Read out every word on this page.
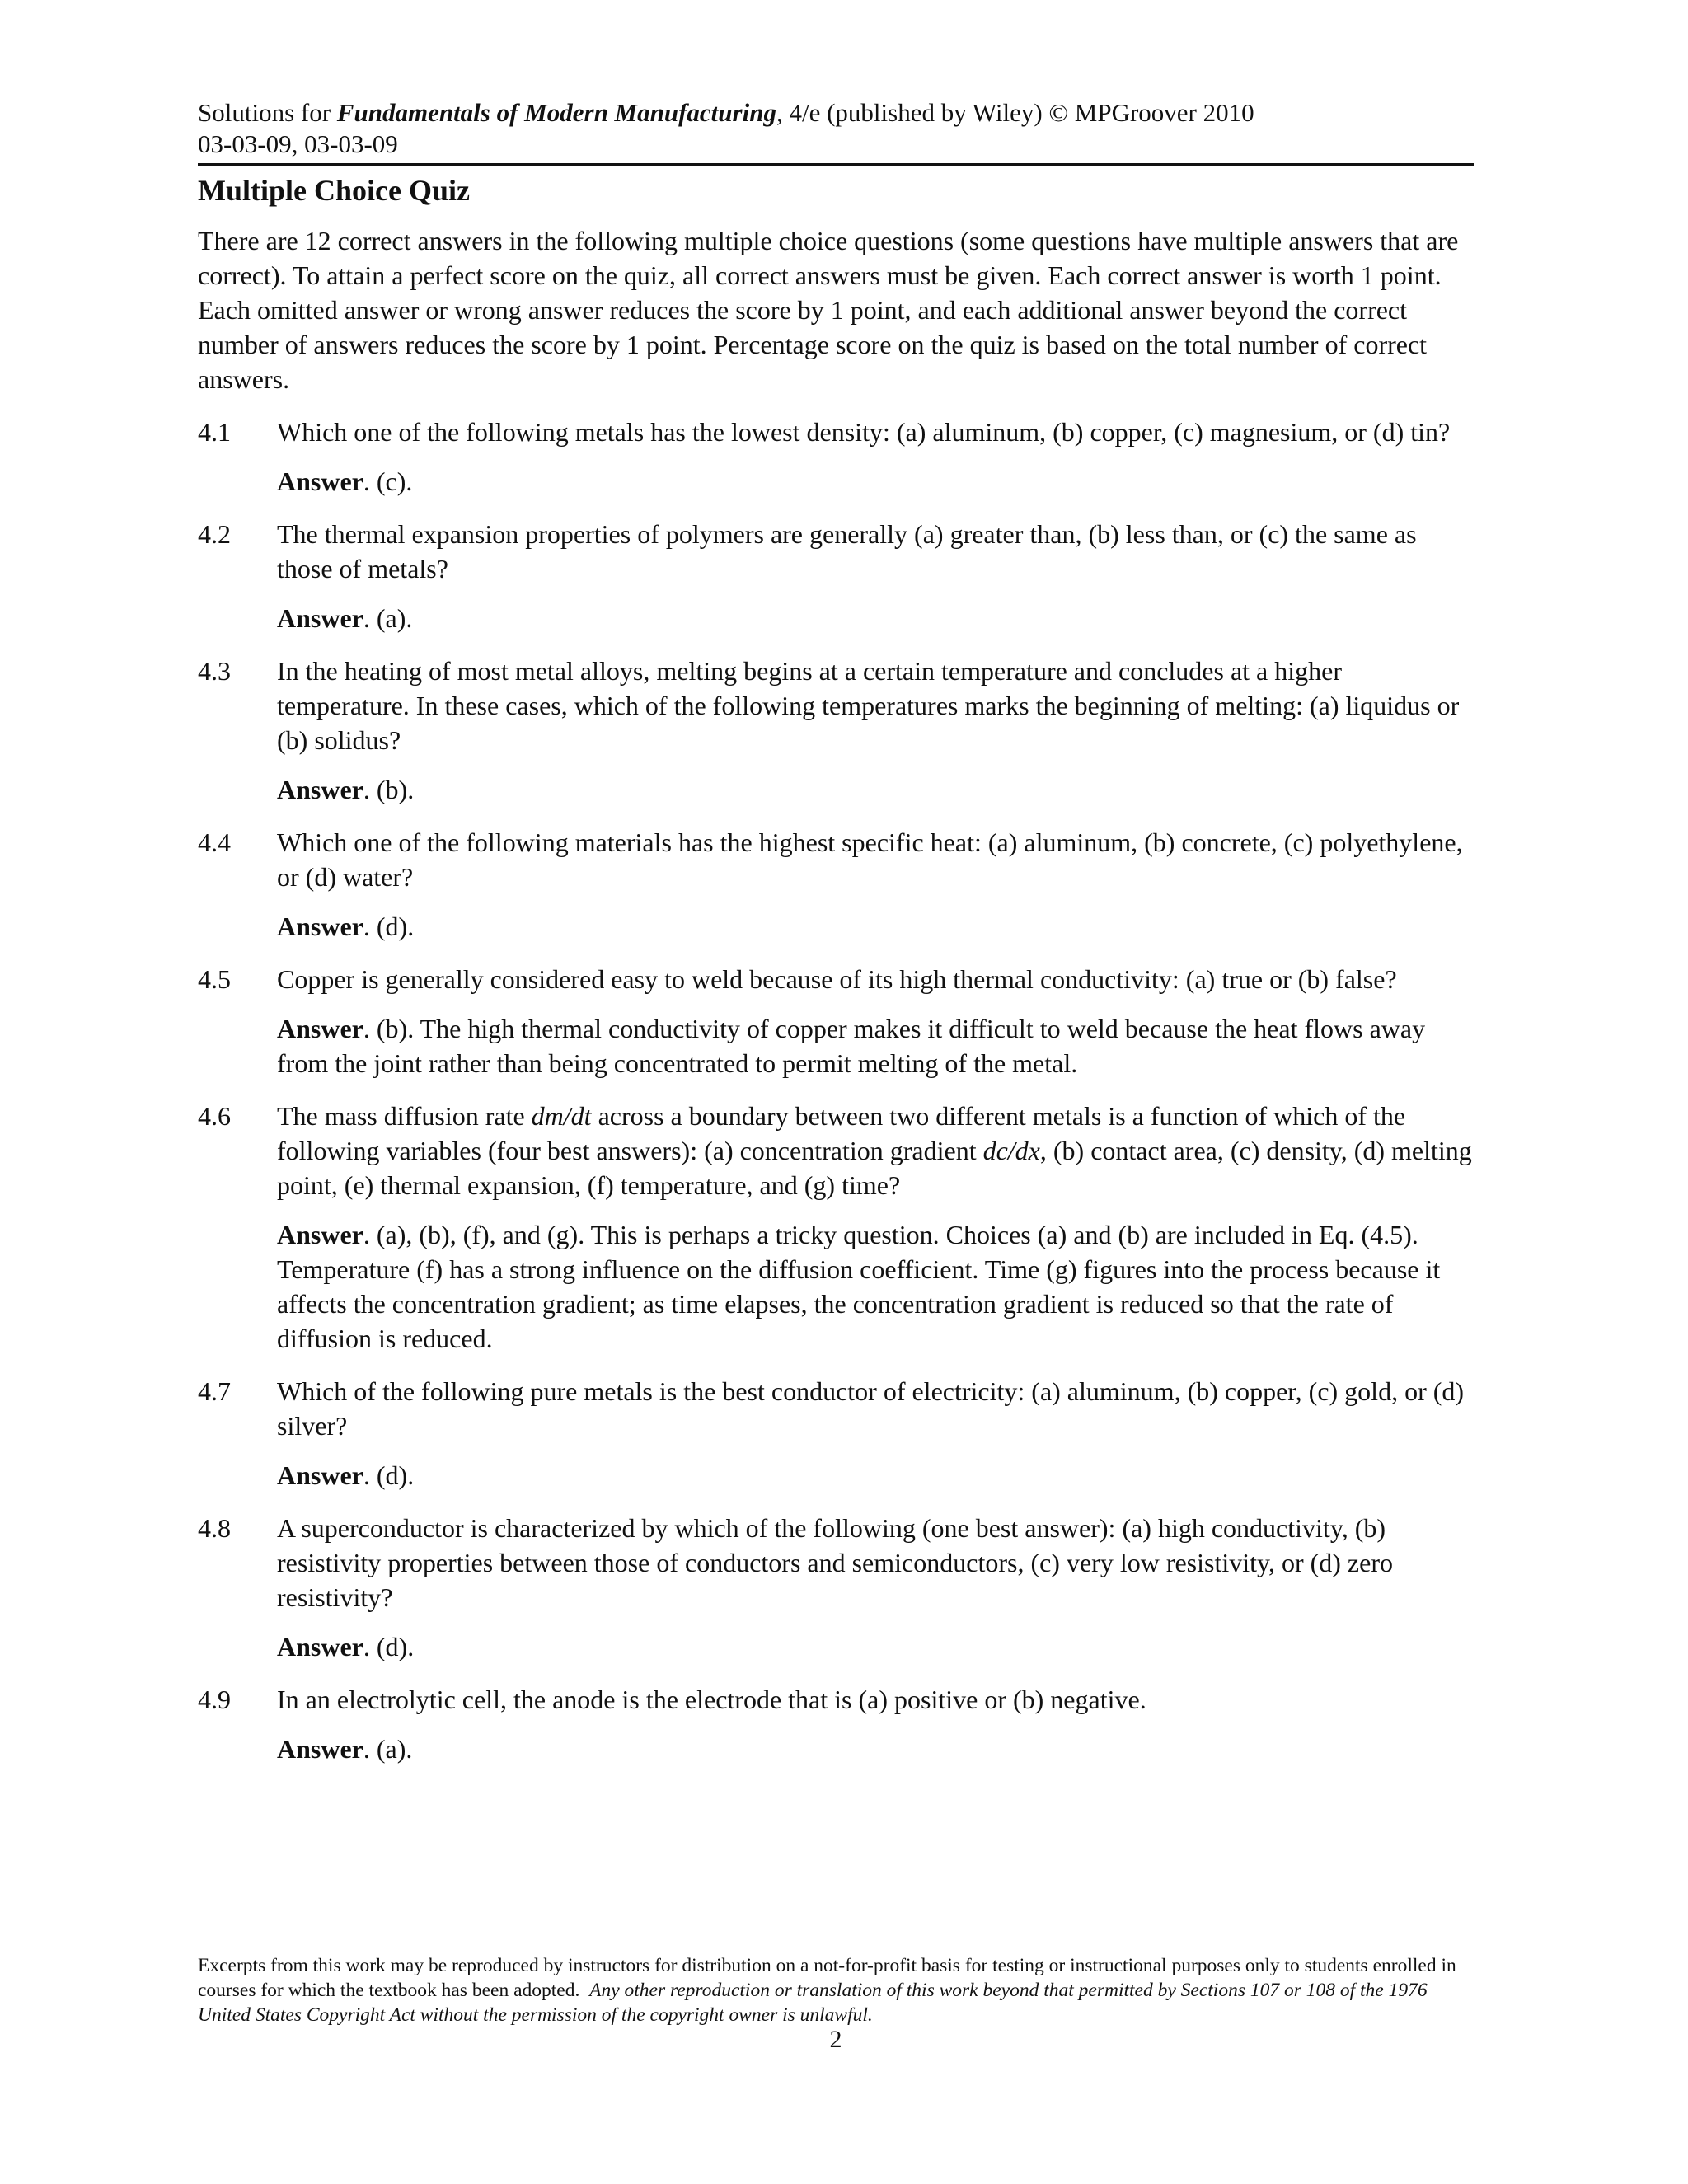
Solutions for Fundamentals of Modern Manufacturing, 4/e (published by Wiley) © MPGroover 2010
03-03-09, 03-03-09
Multiple Choice Quiz
There are 12 correct answers in the following multiple choice questions (some questions have multiple answers that are correct). To attain a perfect score on the quiz, all correct answers must be given. Each correct answer is worth 1 point. Each omitted answer or wrong answer reduces the score by 1 point, and each additional answer beyond the correct number of answers reduces the score by 1 point. Percentage score on the quiz is based on the total number of correct answers.
4.1	Which one of the following metals has the lowest density: (a) aluminum, (b) copper, (c) magnesium, or (d) tin?
Answer. (c).
4.2	The thermal expansion properties of polymers are generally (a) greater than, (b) less than, or (c) the same as those of metals?
Answer. (a).
4.3	In the heating of most metal alloys, melting begins at a certain temperature and concludes at a higher temperature. In these cases, which of the following temperatures marks the beginning of melting: (a) liquidus or (b) solidus?
Answer. (b).
4.4	Which one of the following materials has the highest specific heat: (a) aluminum, (b) concrete, (c) polyethylene, or (d) water?
Answer. (d).
4.5	Copper is generally considered easy to weld because of its high thermal conductivity: (a) true or (b) false?
Answer. (b). The high thermal conductivity of copper makes it difficult to weld because the heat flows away from the joint rather than being concentrated to permit melting of the metal.
4.6	The mass diffusion rate dm/dt across a boundary between two different metals is a function of which of the following variables (four best answers): (a) concentration gradient dc/dx, (b) contact area, (c) density, (d) melting point, (e) thermal expansion, (f) temperature, and (g) time?
Answer. (a), (b), (f), and (g). This is perhaps a tricky question. Choices (a) and (b) are included in Eq. (4.5). Temperature (f) has a strong influence on the diffusion coefficient. Time (g) figures into the process because it affects the concentration gradient; as time elapses, the concentration gradient is reduced so that the rate of diffusion is reduced.
4.7	Which of the following pure metals is the best conductor of electricity: (a) aluminum, (b) copper, (c) gold, or (d) silver?
Answer. (d).
4.8	A superconductor is characterized by which of the following (one best answer): (a) high conductivity, (b) resistivity properties between those of conductors and semiconductors, (c) very low resistivity, or (d) zero resistivity?
Answer. (d).
4.9	In an electrolytic cell, the anode is the electrode that is (a) positive or (b) negative.
Answer. (a).
Excerpts from this work may be reproduced by instructors for distribution on a not-for-profit basis for testing or instructional purposes only to students enrolled in courses for which the textbook has been adopted. Any other reproduction or translation of this work beyond that permitted by Sections 107 or 108 of the 1976 United States Copyright Act without the permission of the copyright owner is unlawful.
2
